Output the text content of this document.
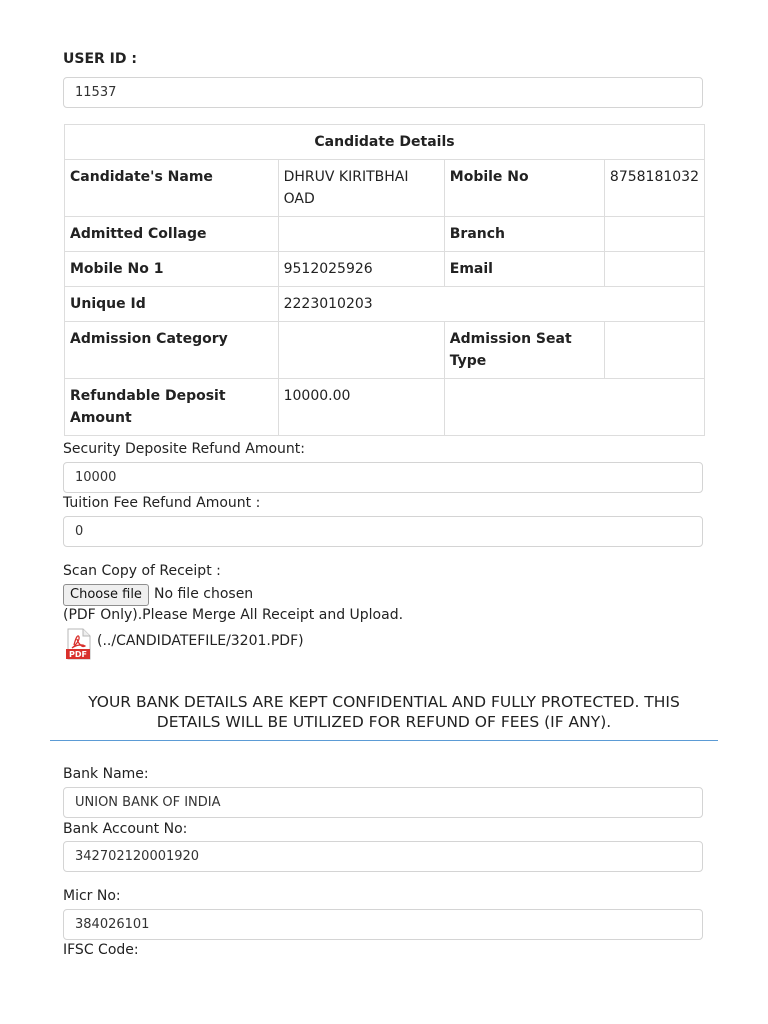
USER ID :
11537
Candidate Details			
Candidate's Name	DHRUV KIRITBHAI OAD	Mobile No	8758181032
Admitted Collage		Branch	
Mobile No 1	9512025926	Email	
Unique Id	2223010203		
Admission Category		Admission Seat Type	
Refundable Deposit Amount	10000.00		
Security Deposite Refund Amount:
10000
Tuition Fee Refund Amount :
0
Scan Copy of Receipt :
Choose file No file chosen
(PDF Only).Please Merge All Receipt and Upload.
PDF
(../CANDIDATEFILE/3201.PDF)
YOUR BANK DETAILS ARE KEPT CONFIDENTIAL AND FULLY PROTECTED. THIS DETAILS WILL BE UTILIZED FOR REFUND OF FEES (IF ANY).
Bank Name:
UNION BANK OF INDIA
Bank Account No:
342702120001920
Micr No:
384026101
IFSC Code:
